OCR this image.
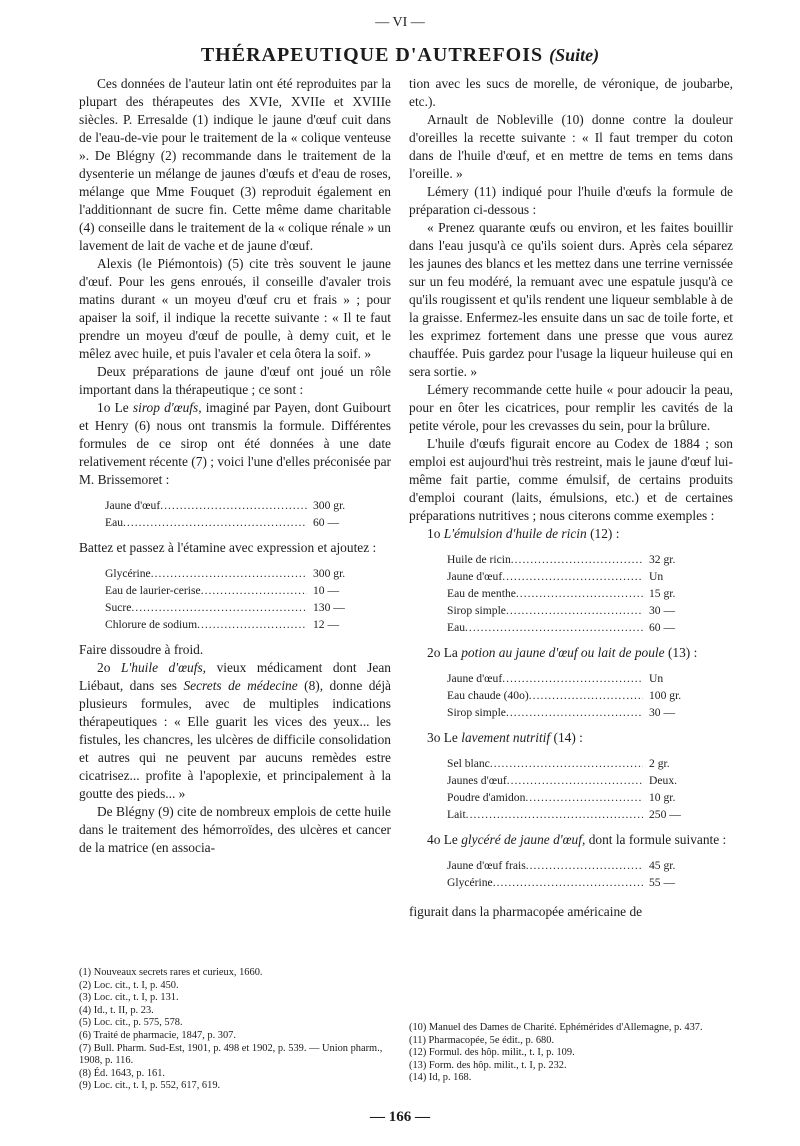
— VI —
THÉRAPEUTIQUE D'AUTREFOIS (Suite)

Ces données de l'auteur latin ont été reproduites par la plupart des thérapeutes des XVIe, XVIIe et XVIIIe siècles. P. Erresalde (1) indique le jaune d'œuf cuit dans de l'eau-de-vie pour le traitement de la « colique venteuse ». De Blégny (2) recommande dans le traitement de la dysenterie un mélange de jaunes d'œufs et d'eau de roses, mélange que Mme Fouquet (3) reproduit également en l'additionnant de sucre fin. Cette même dame charitable (4) conseille dans le traitement de la « colique rénale » un lavement de lait de vache et de jaune d'œuf.

Alexis (le Piémontois) (5) cite très souvent le jaune d'œuf. Pour les gens enroués, il conseille d'avaler trois matins durant « un moyeu d'œuf cru et frais » ; pour apaiser la soif, il indique la recette suivante : « Il te faut prendre un moyeu d'œuf de poulle, à demy cuit, et le mêlez avec huile, et puis l'avaler et cela ôtera la soif. »

Deux préparations de jaune d'œuf ont joué un rôle important dans la thérapeutique ; ce sont :

1o Le sirop d'œufs, imaginé par Payen, dont Guibourt et Henry (6) nous ont transmis la formule. Différentes formules de ce sirop ont été données à une date relativement récente (7) ; voici l'une d'elles préconisée par M. Brissemoret :

Jaune d'œuf .....	300 gr.
Eau .....	60 —

Battez et passez à l'étamine avec expression et ajoutez :

Glycérine .....	300 gr.
Eau de laurier-cerise .....	10 —
Sucre .....	130 —
Chlorure de sodium .....	12 —

Faire dissoudre à froid.

2o L'huile d'œufs, vieux médicament dont Jean Liébaut, dans ses Secrets de médecine (8), donne déjà plusieurs formules, avec de multiples indications thérapeutiques : « Elle guarit les vices des yeux... les fistules, les chancres, les ulcères de difficile consolidation et autres qui ne peuvent par aucuns remèdes estre cicatrisez... profite à l'apoplexie, et principalement à la goutte des pieds... »

De Blégny (9) cite de nombreux emplois de cette huile dans le traitement des hémorroïdes, des ulcères et cancer de la matrice (en associa-

tion avec les sucs de morelle, de véronique, de joubarbe, etc.).

Arnault de Nobleville (10) donne contre la douleur d'oreilles la recette suivante : « Il faut tremper du coton dans de l'huile d'œuf, et en mettre de tems en tems dans l'oreille. »

Lémery (11) indiqué pour l'huile d'œufs la formule de préparation ci-dessous :

« Prenez quarante œufs ou environ, et les faites bouillir dans l'eau jusqu'à ce qu'ils soient durs. Après cela séparez les jaunes des blancs et les mettez dans une terrine vernissée sur un feu modéré, la remuant avec une espatule jusqu'à ce qu'ils rougissent et qu'ils rendent une liqueur semblable à de la graisse. Enfermez-les ensuite dans un sac de toile forte, et les exprimez fortement dans une presse que vous aurez chauffée. Puis gardez pour l'usage la liqueur huileuse qui en sera sortie. »

Lémery recommande cette huile « pour adoucir la peau, pour en ôter les cicatrices, pour remplir les cavités de la petite vérole, pour les crevasses du sein, pour la brûlure.

L'huile d'œufs figurait encore au Codex de 1884 ; son emploi est aujourd'hui très restreint, mais le jaune d'œuf lui-même fait partie, comme émulsif, de certains produits d'emploi courant (laits, émulsions, etc.) et de certaines préparations nutritives ; nous citerons comme exemples :

1o L'émulsion d'huile de ricin (12) :

Huile de ricin .....	32 gr.
Jaune d'œuf .....	Un
Eau de menthe .....	15 gr.
Sirop simple .....	30 —
Eau .....	60 —

2o La potion au jaune d'œuf ou lait de poule (13) :

Jaune d'œuf .....	Un
Eau chaude (40o) .....	100 gr.
Sirop simple .....	30 —

3o Le lavement nutritif (14) :

Sel blanc .....	2 gr.
Jaunes d'œuf .....	Deux.
Poudre d'amidon .....	10 gr.
Lait .....	250 —

4o Le glycéré de jaune d'œuf, dont la formule suivante :

Jaune d'œuf frais .....	45 gr.
Glycérine .....	55 —

figurait dans la pharmacopée américaine de

(1) Nouveaux secrets rares et curieux, 1660.
(2) Loc. cit., t. I, p. 450.
(3) Loc. cit., t. I, p. 131.
(4) Id., t. II, p. 23.
(5) Loc. cit., p. 575, 578.
(6) Traité de pharmacie, 1847, p. 307.
(7) Bull. Pharm. Sud-Est, 1901, p. 498 et 1902, p. 539. — Union pharm., 1908, p. 116.
(8) Éd. 1643, p. 161.
(9) Loc. cit., t. I, p. 552, 617, 619.
(10) Manuel des Dames de Charité. Ephémérides d'Allemagne, p. 437.
(11) Pharmacopée, 5e édit., p. 680.
(12) Formul. des hôp. milit., t. I, p. 109.
(13) Form. des hôp. milit., t. I, p. 232.
(14) Id, p. 168.
— 166 —
